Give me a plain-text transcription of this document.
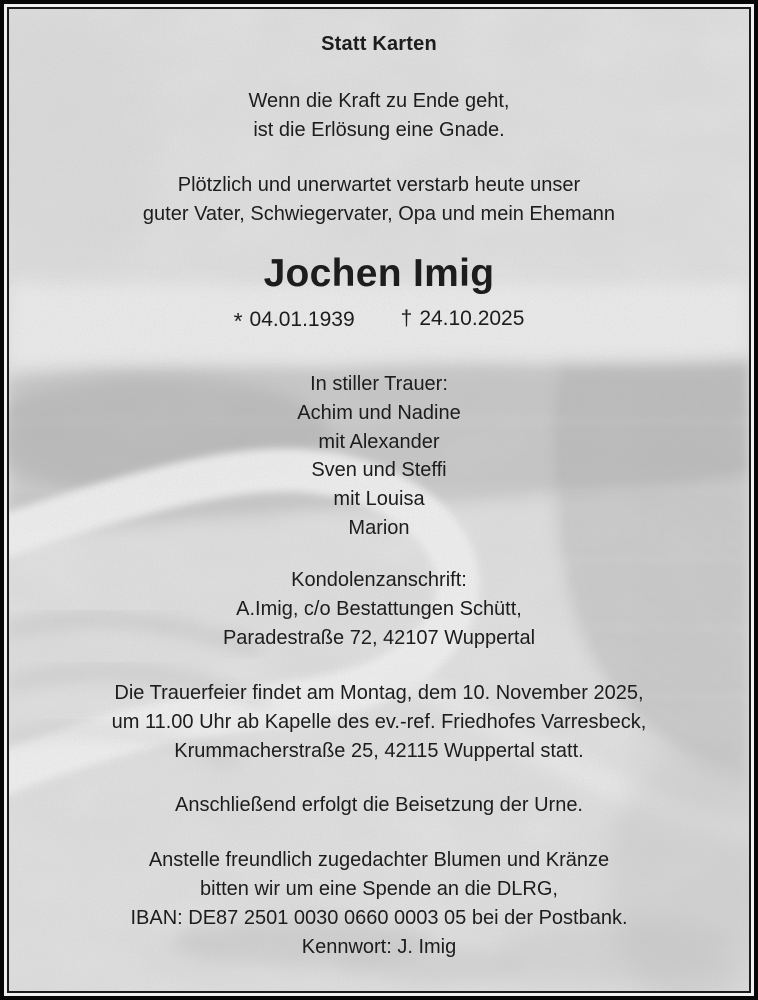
Statt Karten
Wenn die Kraft zu Ende geht,
ist die Erlösung eine Gnade.
Plötzlich und unerwartet verstarb heute unser
guter Vater, Schwiegervater, Opa und mein Ehemann
Jochen Imig
* 04.01.1939 † 24.10.2025
In stiller Trauer:
Achim und Nadine
mit Alexander
Sven und Steffi
mit Louisa
Marion
Kondolenzanschrift:
A.Imig, c/o Bestattungen Schütt,
Paradestraße 72, 42107 Wuppertal
Die Trauerfeier findet am Montag, dem 10. November 2025,
um 11.00 Uhr ab Kapelle des ev.-ref. Friedhofes Varresbeck,
Krummacherstraße 25, 42115 Wuppertal statt.
Anschließend erfolgt die Beisetzung der Urne.
Anstelle freundlich zugedachter Blumen und Kränze
bitten wir um eine Spende an die DLRG,
IBAN: DE87 2501 0030 0660 0003 05 bei der Postbank.
Kennwort: J. Imig
